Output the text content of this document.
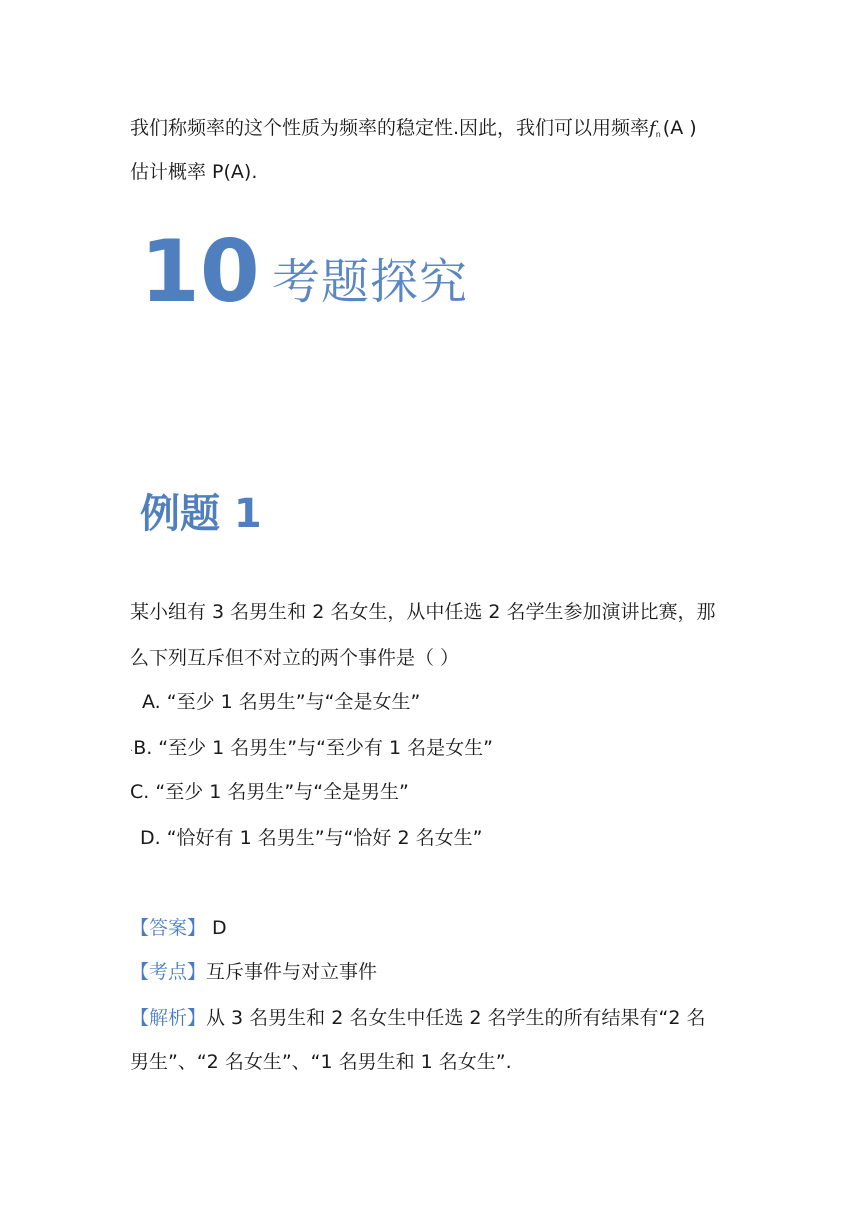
我们称频率的这个性质为频率的稳定性.因此，我们可以用频率fn (A )
估计概率 P(A).
10 考题探究
例题 1
某小组有 3 名男生和 2 名女生，从中任选 2 名学生参加演讲比赛，那
么下列互斥但不对立的两个事件是（ ）
A. “至少 1 名男生”与“全是女生”
·B. “至少 1 名男生”与“至少有 1 名是女生”
C. “至少 1 名男生”与“全是男生”
D. “恰好有 1 名男生”与“恰好 2 名女生”
【答案】 D
【考点】互斥事件与对立事件
【解析】从 3 名男生和 2 名女生中任选 2 名学生的所有结果有“2 名
男生”、“2 名女生”、“1 名男生和 1 名女生”.
